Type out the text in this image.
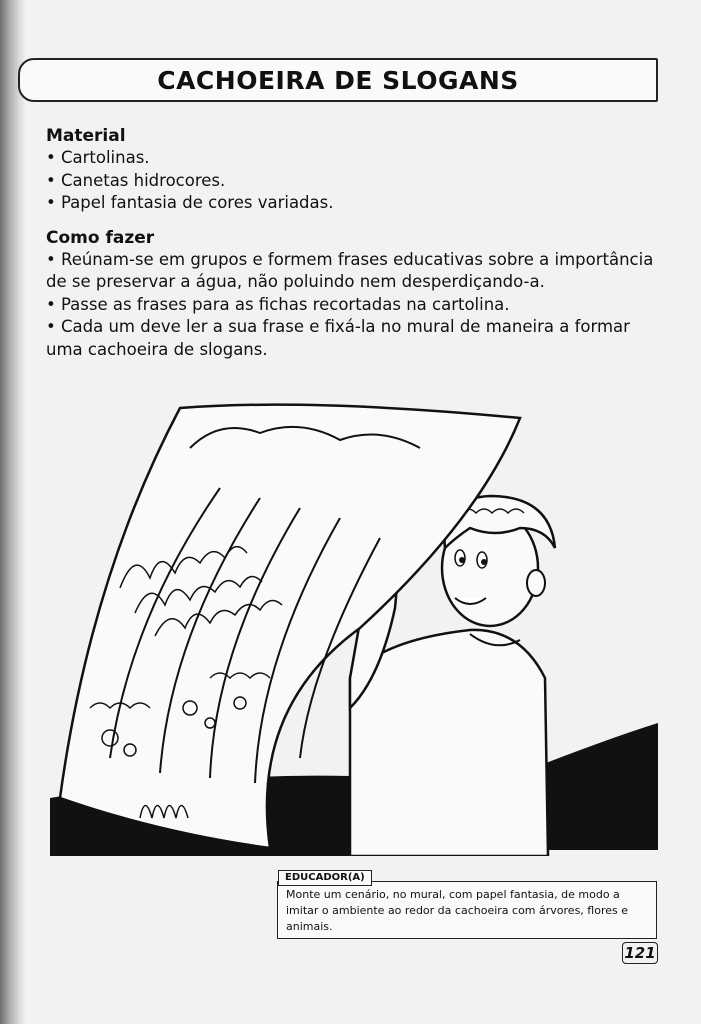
CACHOEIRA DE SLOGANS

Material

• Cartolinas.

• Canetas hidrocores.

• Papel fantasia de cores variadas.

Como fazer

• Reúnam-se em grupos e formem frases educativas sobre a importância de se preservar a água, não poluindo nem desperdiçando-a.

• Passe as frases para as fichas recortadas na cartolina.

• Cada um deve ler a sua frase e fixá-la no mural de maneira a formar uma cachoeira de slogans.

EDUCADOR(A)
Monte um cenário, no mural, com papel fantasia, de modo a imitar o ambiente ao redor da cachoeira com árvores, flores e animais.
121
